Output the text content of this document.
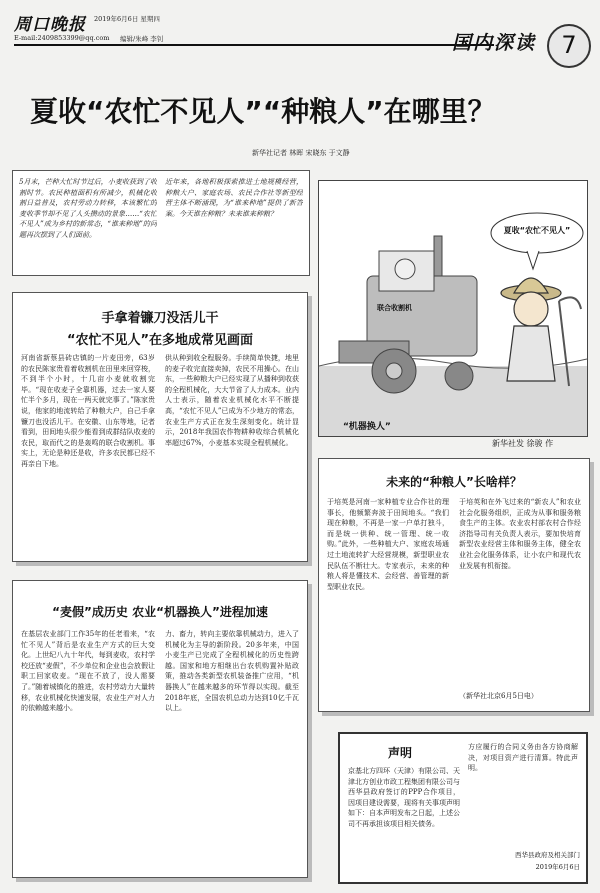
周口晚报 2019年6月6日 星期四
E-mail:2409853399@qq.com 编辑/朱峰 李钊	国内深读	7
夏收“农忙不见人”“种粮人”在哪里？
新华社记者 林晖 宋晓东 于文静
5月末，芒种大忙时节过后，小麦收获到了收割时节。农民种植面积有所减少，机械化收割日益普及，农村劳动力转移，本该繁忙的麦收季节却不见了人头攒动的景象……“农忙不见人”成为乡村的新常态，“谁来种地”的问题再次摆到了人们面前。
近年来，各地积极探索推进土地规模经营，种粮大户、家庭农场、农民合作社等新型经营主体不断涌现，为“谁来种地”提供了新答案。今天谁在种粮？未来谁来种粮？
夏收“农忙不见人”
联合收割机
“机器换人”
新华社发 徐骏 作
手拿着镰刀没活儿干
“农忙不见人”在多地成常见画面
河南省新蔡县砖店镇的一片麦田旁，63岁的农民陈家贵看着收割机在田里来回穿梭，不到半个小时，十几亩小麦就收割完毕。“现在收麦子全靠机器，过去一家人要忙半个多月，现在一两天就完事了。”陈家贵说，他家的地流转给了种粮大户，自己手拿镰刀也没活儿干。在安徽、山东等地，记者看到，田间地头很少能看到成群结队收麦的农民，取而代之的是轰鸣的联合收割机。事实上，无论是种还是收，许多农民都已经不再亲自下地。
供从种到收全程服务。手续简单快捷，地里的麦子收完直接卖掉，农民不用操心。在山东，一些种粮大户已经实现了从播种到收获的全程机械化，大大节省了人力成本。业内人士表示，随着农业机械化水平不断提高，“农忙不见人”已成为不少地方的常态，农业生产方式正在发生深刻变化。统计显示，2018年我国农作物耕种收综合机械化率超过67%，小麦基本实现全程机械化。
“麦假”成历史 农业“机器换人”进程加速
在基层农业部门工作35年的任老看来，“农忙不见人”背后是农业生产方式的巨大变化。上世纪八九十年代，每到麦收，农村学校还放“麦假”，不少单位和企业也会放假让职工回家收麦。“现在不放了，没人需要了。”随着城镇化的推进，农村劳动力大量转移，农业机械化快速发展，农业生产对人力的依赖越来越小。
力、畜力，转向主要依靠机械动力，进入了机械化为主导的新阶段。20多年来，中国小麦生产已完成了全程机械化的历史性跨越。国家和地方相继出台农机购置补贴政策，推动各类新型农机装备推广应用，“机器换人”在越来越多的环节得以实现。截至2018年底，全国农机总动力达到10亿千瓦以上。
未来的“种粮人”长啥样？
于培英是河南一家种植专业合作社的理事长，他频繁奔波于田间地头。“我们现在种粮，不再是一家一户单打独斗，而是统一供种、统一管理、统一收购。”此外，一些种植大户、家庭农场通过土地流转扩大经营规模，新型职业农民队伍不断壮大。专家表示，未来的种粮人将是懂技术、会经营、善管理的新型职业农民。
于培英和在外飞过来的“新农人”和农业社会化服务组织，正成为从事和服务粮食生产的主体。农业农村部农村合作经济指导司有关负责人表示，要加快培育新型农业经营主体和服务主体，健全农业社会化服务体系，让小农户和现代农业发展有机衔接。
（新华社北京6月5日电）
声明
京基北方四环（天津）有限公司、天津北方创业市政工程集团有限公司与西华县政府签订的PPP合作项目，因项目建设需要，现将有关事项声明如下：自本声明发布之日起，上述公司不再承担该项目相关债务。
方应履行的合同义务由各方协商解决，对项目资产进行清算。特此声明。
西华县政府及相关部门
2019年6月6日
